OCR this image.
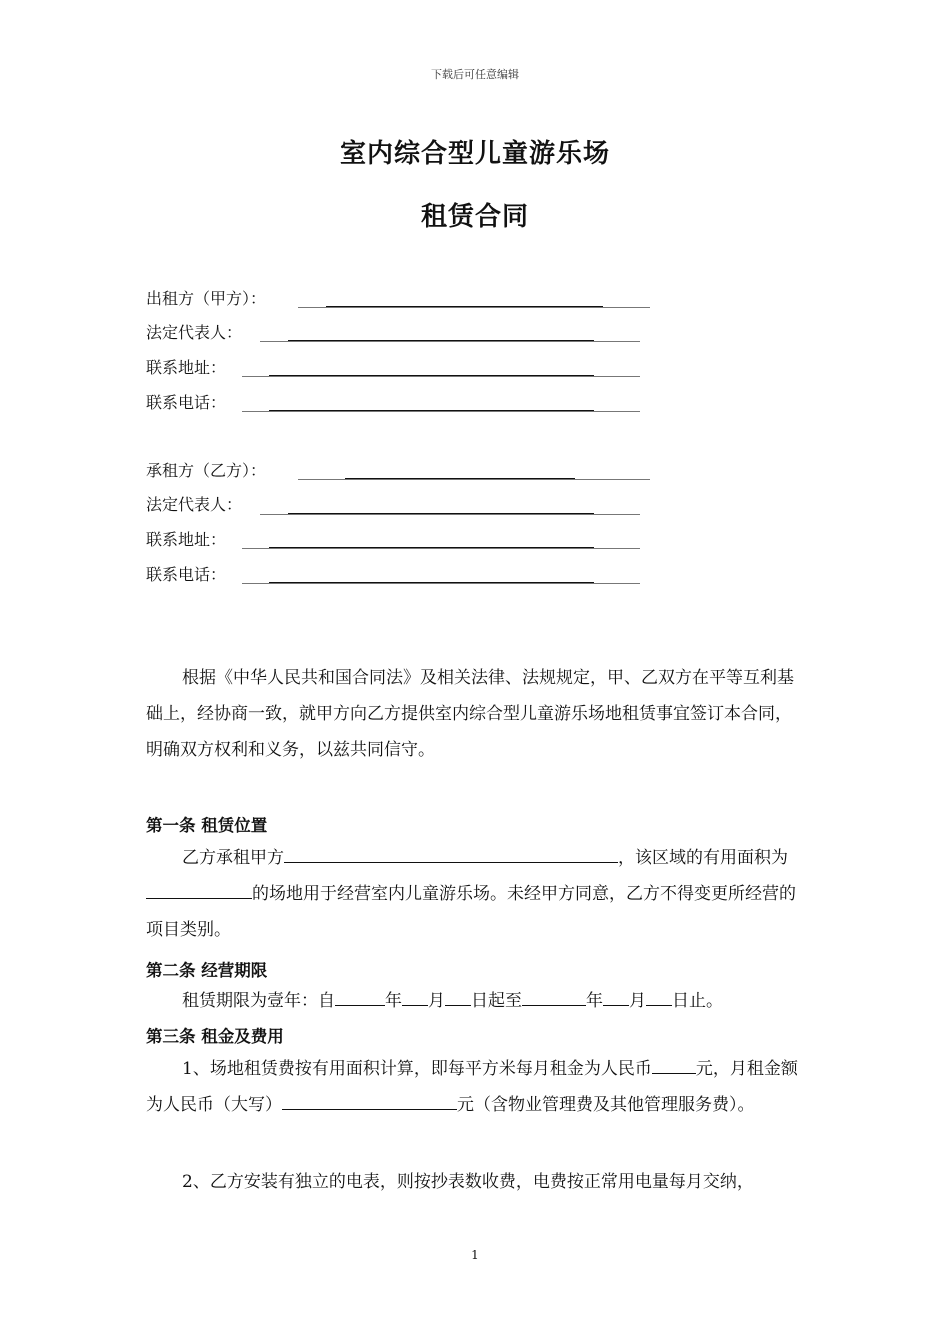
下载后可任意编辑
室内综合型儿童游乐场
租赁合同
出租方（甲方）：
法定代表人：
联系地址：
联系电话：
承租方（乙方）：
法定代表人：
联系地址：
联系电话：

根据《中华人民共和国合同法》及相关法律、法规规定，甲、乙双方在平等互利基础上，经协商一致，就甲方向乙方提供室内综合型儿童游乐场地租赁事宜签订本合同，明确双方权利和义务，以兹共同信守。

第一条 租赁位置

乙方承租甲方	，该区域的有用面积为的场地用于经营室内儿童游乐场。未经甲方同意，乙方不得变更所经营的项目类别。

第二条 经营期限

租赁期限为壹年：自	年 月 日起至	年 月 日止。

第三条 租金及费用

1、场地租赁费按有用面积计算，即每平方米每月租金为人民币	元，月租金额为人民币（大写）	元（含物业管理费及其他管理服务费）。

2、乙方安装有独立的电表，则按抄表数收费，电费按正常用电量每月交纳，

1
